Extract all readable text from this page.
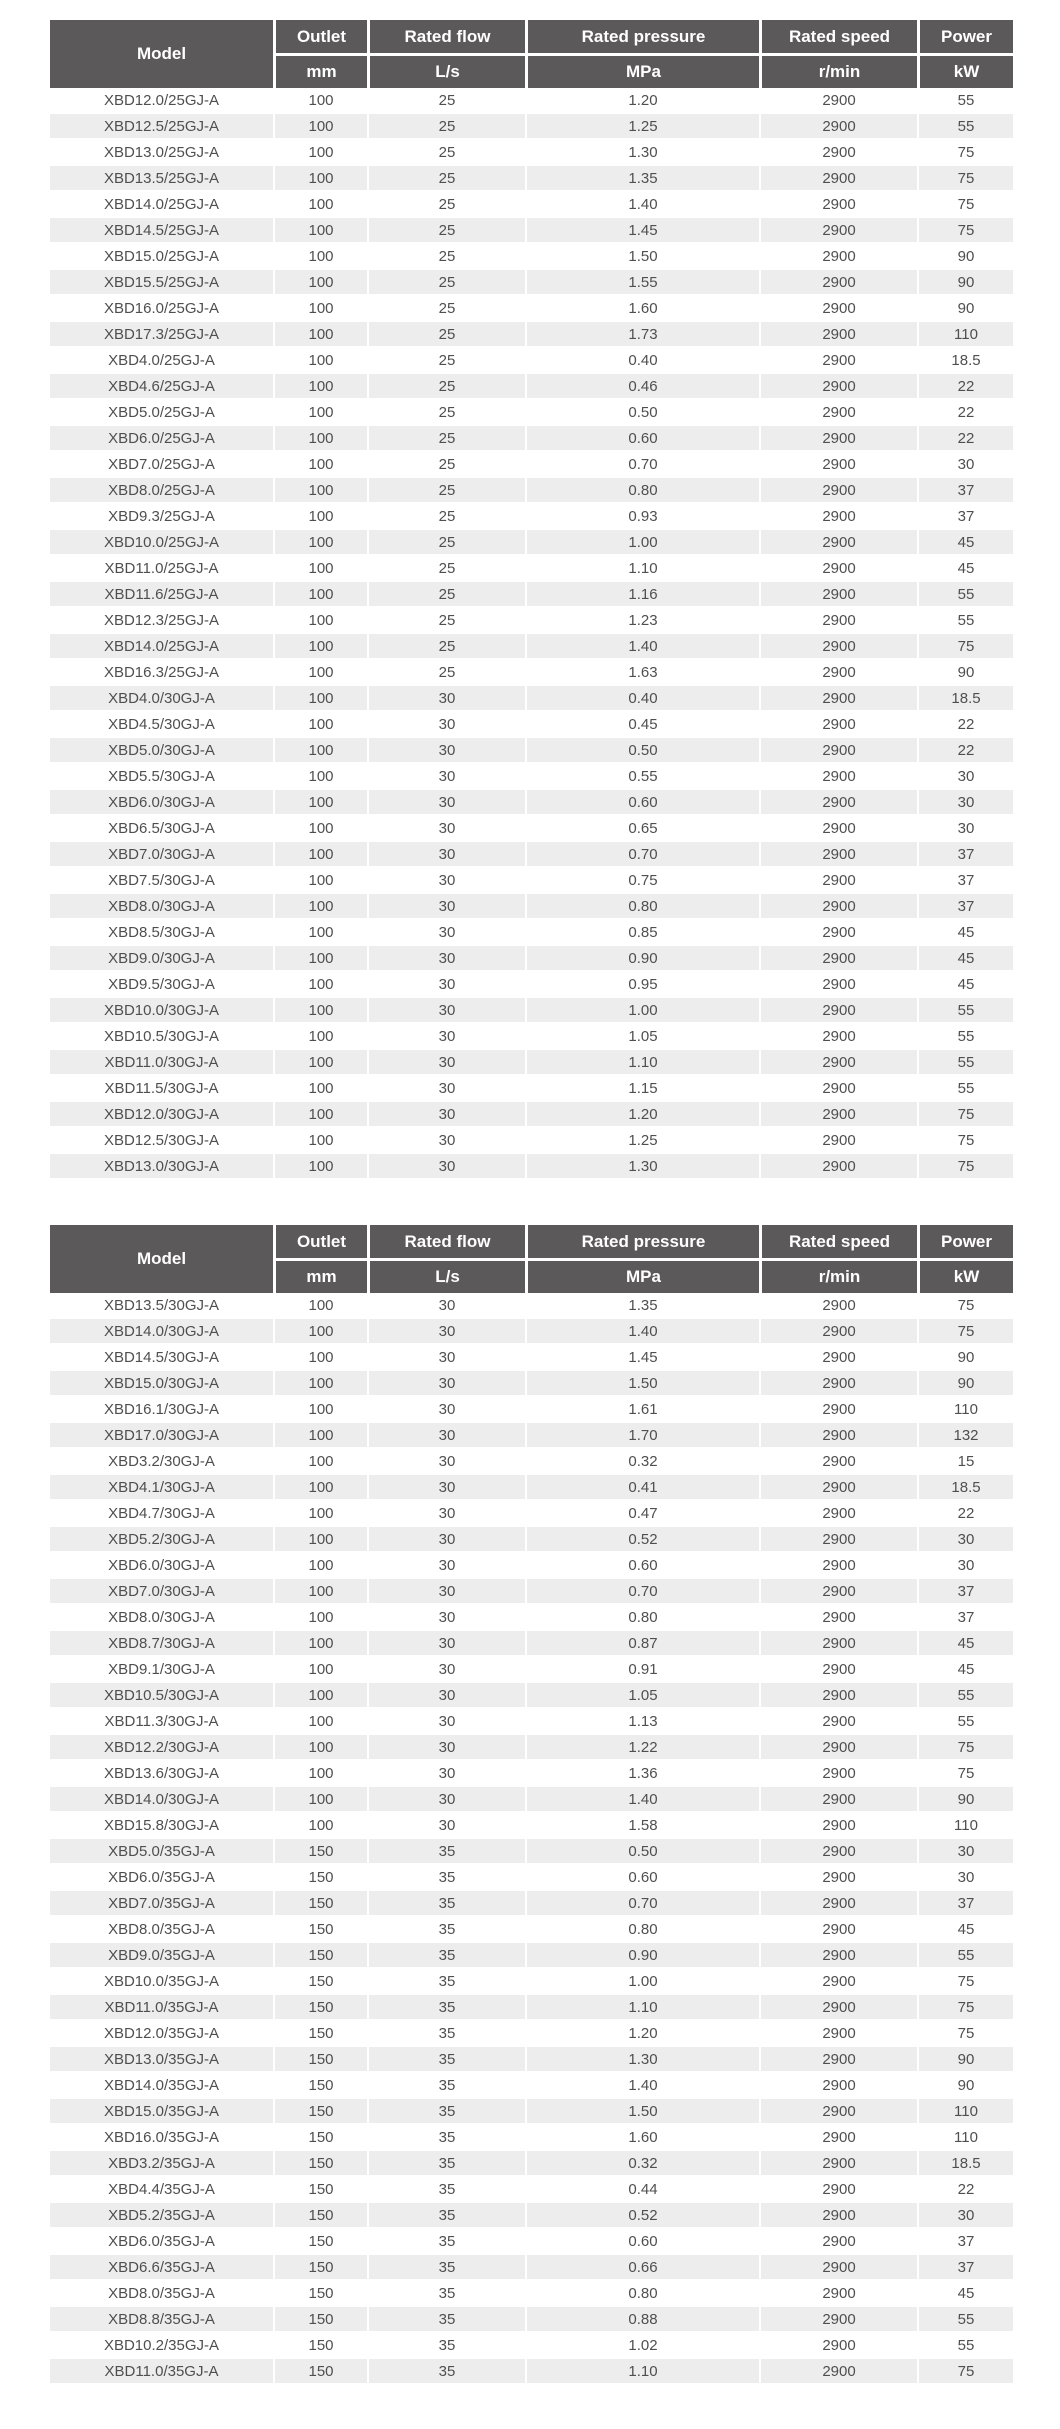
Model	Outlet	Rated flow	Rated pressure	Rated speed	Power
	mm	L/s	MPa	r/min	kW
XBD12.0/25GJ-A	100	25	1.20	2900	55
XBD12.5/25GJ-A	100	25	1.25	2900	55
XBD13.0/25GJ-A	100	25	1.30	2900	75
XBD13.5/25GJ-A	100	25	1.35	2900	75
XBD14.0/25GJ-A	100	25	1.40	2900	75
XBD14.5/25GJ-A	100	25	1.45	2900	75
XBD15.0/25GJ-A	100	25	1.50	2900	90
XBD15.5/25GJ-A	100	25	1.55	2900	90
XBD16.0/25GJ-A	100	25	1.60	2900	90
XBD17.3/25GJ-A	100	25	1.73	2900	110
XBD4.0/25GJ-A	100	25	0.40	2900	18.5
XBD4.6/25GJ-A	100	25	0.46	2900	22
XBD5.0/25GJ-A	100	25	0.50	2900	22
XBD6.0/25GJ-A	100	25	0.60	2900	22
XBD7.0/25GJ-A	100	25	0.70	2900	30
XBD8.0/25GJ-A	100	25	0.80	2900	37
XBD9.3/25GJ-A	100	25	0.93	2900	37
XBD10.0/25GJ-A	100	25	1.00	2900	45
XBD11.0/25GJ-A	100	25	1.10	2900	45
XBD11.6/25GJ-A	100	25	1.16	2900	55
XBD12.3/25GJ-A	100	25	1.23	2900	55
XBD14.0/25GJ-A	100	25	1.40	2900	75
XBD16.3/25GJ-A	100	25	1.63	2900	90
XBD4.0/30GJ-A	100	30	0.40	2900	18.5
XBD4.5/30GJ-A	100	30	0.45	2900	22
XBD5.0/30GJ-A	100	30	0.50	2900	22
XBD5.5/30GJ-A	100	30	0.55	2900	30
XBD6.0/30GJ-A	100	30	0.60	2900	30
XBD6.5/30GJ-A	100	30	0.65	2900	30
XBD7.0/30GJ-A	100	30	0.70	2900	37
XBD7.5/30GJ-A	100	30	0.75	2900	37
XBD8.0/30GJ-A	100	30	0.80	2900	37
XBD8.5/30GJ-A	100	30	0.85	2900	45
XBD9.0/30GJ-A	100	30	0.90	2900	45
XBD9.5/30GJ-A	100	30	0.95	2900	45
XBD10.0/30GJ-A	100	30	1.00	2900	55
XBD10.5/30GJ-A	100	30	1.05	2900	55
XBD11.0/30GJ-A	100	30	1.10	2900	55
XBD11.5/30GJ-A	100	30	1.15	2900	55
XBD12.0/30GJ-A	100	30	1.20	2900	75
XBD12.5/30GJ-A	100	30	1.25	2900	75
XBD13.0/30GJ-A	100	30	1.30	2900	75
Model	Outlet	Rated flow	Rated pressure	Rated speed	Power
	mm	L/s	MPa	r/min	kW
XBD13.5/30GJ-A	100	30	1.35	2900	75
XBD14.0/30GJ-A	100	30	1.40	2900	75
XBD14.5/30GJ-A	100	30	1.45	2900	90
XBD15.0/30GJ-A	100	30	1.50	2900	90
XBD16.1/30GJ-A	100	30	1.61	2900	110
XBD17.0/30GJ-A	100	30	1.70	2900	132
XBD3.2/30GJ-A	100	30	0.32	2900	15
XBD4.1/30GJ-A	100	30	0.41	2900	18.5
XBD4.7/30GJ-A	100	30	0.47	2900	22
XBD5.2/30GJ-A	100	30	0.52	2900	30
XBD6.0/30GJ-A	100	30	0.60	2900	30
XBD7.0/30GJ-A	100	30	0.70	2900	37
XBD8.0/30GJ-A	100	30	0.80	2900	37
XBD8.7/30GJ-A	100	30	0.87	2900	45
XBD9.1/30GJ-A	100	30	0.91	2900	45
XBD10.5/30GJ-A	100	30	1.05	2900	55
XBD11.3/30GJ-A	100	30	1.13	2900	55
XBD12.2/30GJ-A	100	30	1.22	2900	75
XBD13.6/30GJ-A	100	30	1.36	2900	75
XBD14.0/30GJ-A	100	30	1.40	2900	90
XBD15.8/30GJ-A	100	30	1.58	2900	110
XBD5.0/35GJ-A	150	35	0.50	2900	30
XBD6.0/35GJ-A	150	35	0.60	2900	30
XBD7.0/35GJ-A	150	35	0.70	2900	37
XBD8.0/35GJ-A	150	35	0.80	2900	45
XBD9.0/35GJ-A	150	35	0.90	2900	55
XBD10.0/35GJ-A	150	35	1.00	2900	75
XBD11.0/35GJ-A	150	35	1.10	2900	75
XBD12.0/35GJ-A	150	35	1.20	2900	75
XBD13.0/35GJ-A	150	35	1.30	2900	90
XBD14.0/35GJ-A	150	35	1.40	2900	90
XBD15.0/35GJ-A	150	35	1.50	2900	110
XBD16.0/35GJ-A	150	35	1.60	2900	110
XBD3.2/35GJ-A	150	35	0.32	2900	18.5
XBD4.4/35GJ-A	150	35	0.44	2900	22
XBD5.2/35GJ-A	150	35	0.52	2900	30
XBD6.0/35GJ-A	150	35	0.60	2900	37
XBD6.6/35GJ-A	150	35	0.66	2900	37
XBD8.0/35GJ-A	150	35	0.80	2900	45
XBD8.8/35GJ-A	150	35	0.88	2900	55
XBD10.2/35GJ-A	150	35	1.02	2900	55
XBD11.0/35GJ-A	150	35	1.10	2900	75
